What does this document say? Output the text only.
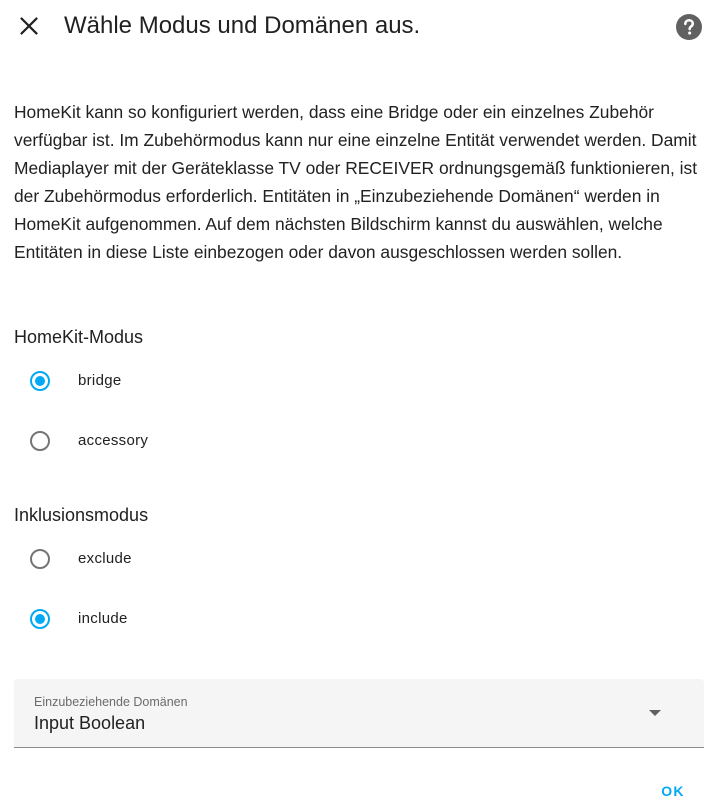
Wähle Modus und Domänen aus.

HomeKit kann so konfiguriert werden, dass eine Bridge oder ein einzelnes Zubehör verfügbar ist. Im Zubehörmodus kann nur eine einzelne Entität verwendet werden. Damit Mediaplayer mit der Geräteklasse TV oder RECEIVER ordnungsgemäß funktionieren, ist der Zubehörmodus erforderlich. Entitäten in „Einzubeziehende Domänen“ werden in HomeKit aufgenommen. Auf dem nächsten Bildschirm kannst du auswählen, welche Entitäten in diese Liste einbezogen oder davon ausgeschlossen werden sollen.

HomeKit-Modus
bridge
accessory
Inklusionsmodus
exclude
include
Einzubeziehende Domänen
Input Boolean
OK
